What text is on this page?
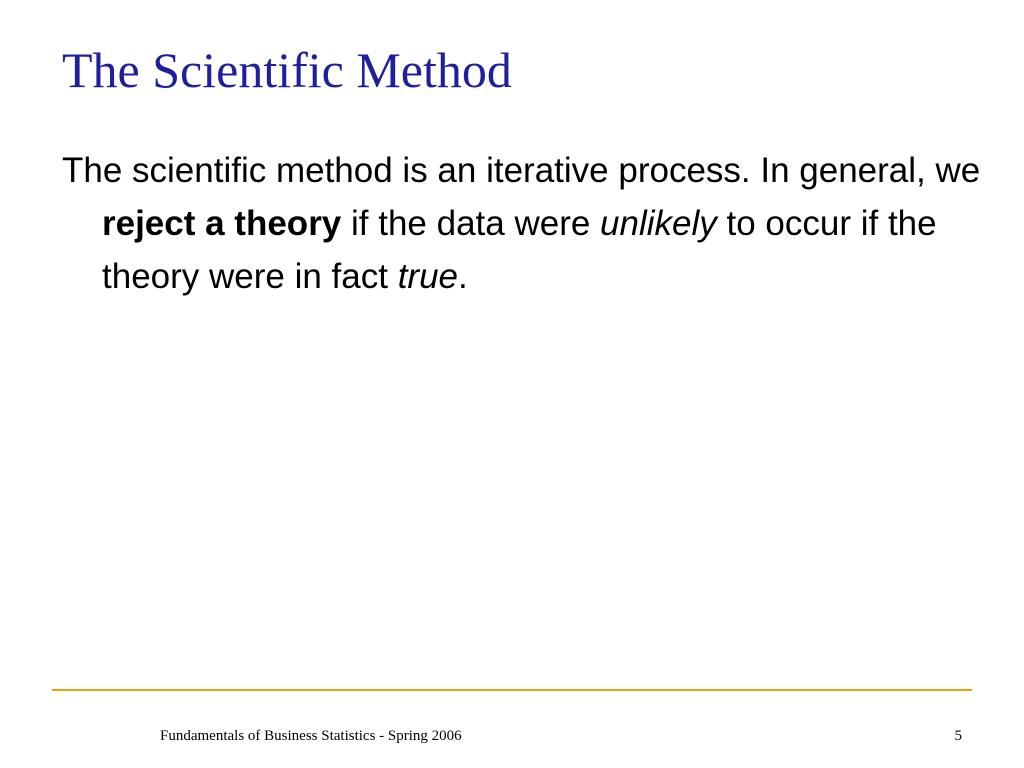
The Scientific Method

The scientific method is an iterative process. In general, we reject a theory if the data were unlikely to occur if the theory were in fact true.

Fundamentals of Business Statistics - Spring 2006	5
